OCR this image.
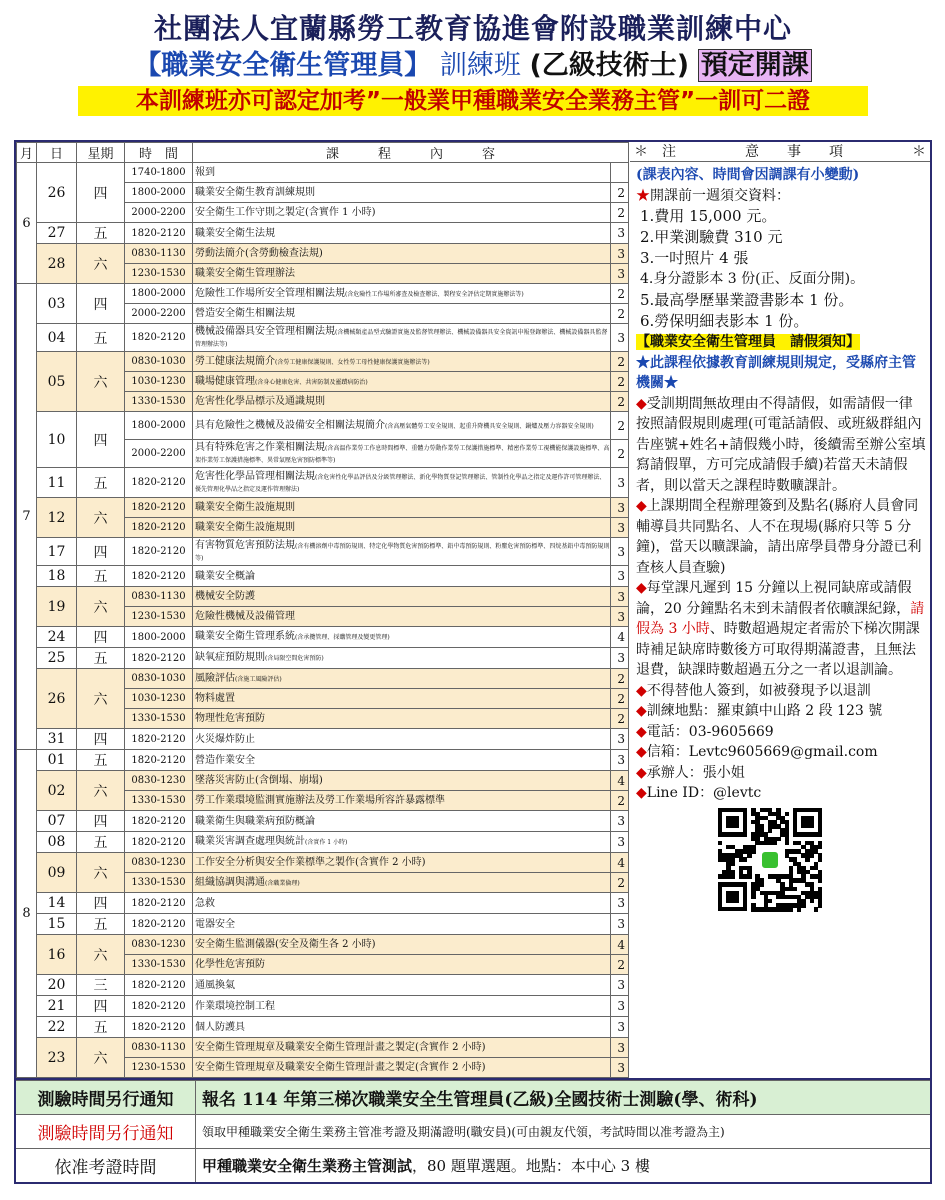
社團法人宜蘭縣勞工教育協進會附設職業訓練中心
【職業安全衛生管理員】 訓練班 (乙級技術士) 預定開課
本訓練班亦可認定加考”一般業甲種職業安全業務主管”一訓可二證
月	日	星期	時　間	課　　　程　　　內　　　容	
6	26	四	1740-1800	報到	
			1800-2000	職業安全衛生教育訓練規則	2
			2000-2200	安全衛生工作守則之製定(含實作 1 小時)	2
	27	五	1820-2120	職業安全衛生法規	3
	28	六	0830-1130	勞動法簡介(含勞動檢查法規)	3
			1230-1530	職業安全衛生管理辦法	3
7	03	四	1800-2000	危險性工作場所安全管理相關法規(含危險性工作場所審查及檢查辦法、製程安全評估定期實施辦法等)	2
			2000-2200	營造安全衛生相關法規	2
	04	五	1820-2120	機械設備器具安全管理相關法規(含機械類產品型式驗證實施及監督管理辦法、機械設備器具安全資訊申報登錄辦法、機械設備器具監督管理辦法等)	3
	05	六	0830-1030	勞工健康法規簡介(含勞工健康保護規則、女性勞工母性健康保護實施辦法等)	2
			1030-1230	職場健康管理(含身心健康危害、共害防制及靈蹟病防治)	2
			1330-1530	危害性化學品標示及通識規則	2
	10	四	1800-2000	具有危險性之機械及設備安全相關法規簡介(含高壓氣體勞工安全規則、起重升降機具安全規則、鍋爐及壓力容器安全規則)	2
			2000-2200	具有特殊危害之作業相關法規(含高溫作業勞工作息時間標準、重體力勞動作業勞工保護措施標準、精密作業勞工視機能保護設施標準、高架作業勞工保護措施標準、異常氣壓危害預防標準等)	2
	11	五	1820-2120	危害性化學品管理相關法規(含危害性化學品評估及分級管理辦法、新化學物質登記管理辦法、管制性化學品之指定及運作許可管理辦法、優先管理化學品之指定及運作管理辦法)	3
	12	六	1820-2120	職業安全衛生設施規則	3
			1820-2120	職業安全衛生設施規則	3
	17	四	1820-2120	有害物質危害預防法規(含有機溶劑中毒預防規則、特定化學物質危害預防標準、鉛中毒預防規則、粉塵危害預防標準、四烷基鉛中毒預防規則等)	3
	18	五	1820-2120	職業安全概論	3
	19	六	0830-1130	機械安全防護	3
			1230-1530	危險性機械及設備管理	3
	24	四	1800-2000	職業安全衛生管理系統(含承攬管理、採購管理及變更管理)	4
	25	五	1820-2120	缺氧症預防規則(含局限空間危害預防)	3
	26	六	0830-1030	風險評估(含施工風險評估)	2
			1030-1230	物料處置	2
			1330-1530	物理性危害預防	2
	31	四	1820-2120	火災爆炸防止	3
8	01	五	1820-2120	營造作業安全	3
	02	六	0830-1230	墜落災害防止(含倒塌、崩塌)	4
			1330-1530	勞工作業環境監測實施辦法及勞工作業場所容許暴露標準	2
	07	四	1820-2120	職業衛生與職業病預防概論	3
	08	五	1820-2120	職業災害調查處理與統計(含實作 1 小時)	3
	09	六	0830-1230	工作安全分析與安全作業標準之製作(含實作 2 小時)	4
			1330-1530	組織協調與溝通(含職業倫理)	2
	14	四	1820-2120	急救	3
	15	五	1820-2120	電器安全	3
	16	六	0830-1230	安全衛生監測儀器(安全及衛生各 2 小時)	4
			1330-1530	化學性危害預防	2
	20	三	1820-2120	通風換氣	3
	21	四	1820-2120	作業環境控制工程	3
	22	五	1820-2120	個人防護具	3
	23	六	0830-1130	安全衛生管理規章及職業安全衛生管理計畫之製定(含實作 2 小時)	3
			1230-1530	安全衛生管理規章及職業安全衛生管理計畫之製定(含實作 2 小時)	3
＊　注	意　　事　　項	＊
(課表內容、時間會因調課有小變動)
★開課前一週須交資料：
1.費用 15,000 元。
2.甲業測驗費 310 元
3.一吋照片 4 張
4.身分證影本 3 份(正、反面分開)。
5.最高學歷畢業證書影本 1 份。
6.勞保明細表影本 1 份。
【職業安全衛生管理員　請假須知】
★此課程依據教育訓練規則規定，受縣府主管機關★
◆受訓期間無故理由不得請假，如需請假一律按照請假規則處理(可電話請假、或班級群組內告座號+姓名+請假幾小時，後續需至辦公室填寫請假單，方可完成請假手續)若當天未請假者，則以當天之課程時數曠課計。
◆上課期間全程辦理簽到及點名(縣府人員會同輔導員共同點名、人不在現場(縣府只等 5 分鐘)，當天以曠課論，請出席學員帶身分證已利查核人員查驗)
◆每堂課凡遲到 15 分鐘以上視同缺席或請假論，20 分鐘點名未到未請假者依曠課紀錄，請假為 3 小時、時數超過規定者需於下梯次開課時補足缺席時數後方可取得期滿證書，且無法退費，缺課時數超過五分之一者以退訓論。
◆不得替他人簽到，如被發現予以退訓
◆訓練地點：羅東鎮中山路 2 段 123 號
◆電話：03-9605669
◆信箱：Levtc9605669@gmail.com
◆承辦人：張小姐
◆Line ID：@levtc
測驗時間另行通知	報名 114 年第三梯次職業安全生管理員(乙級)全國技術士測驗(學、術科)
測驗時間另行通知	領取甲種職業安全衛生業務主管准考證及期滿證明(職安員)(可由親友代領，考試時間以准考證為主)
依准考證時間	甲種職業安全衛生業務主管測試 ，80 題單選題。地點：本中心 3 樓
